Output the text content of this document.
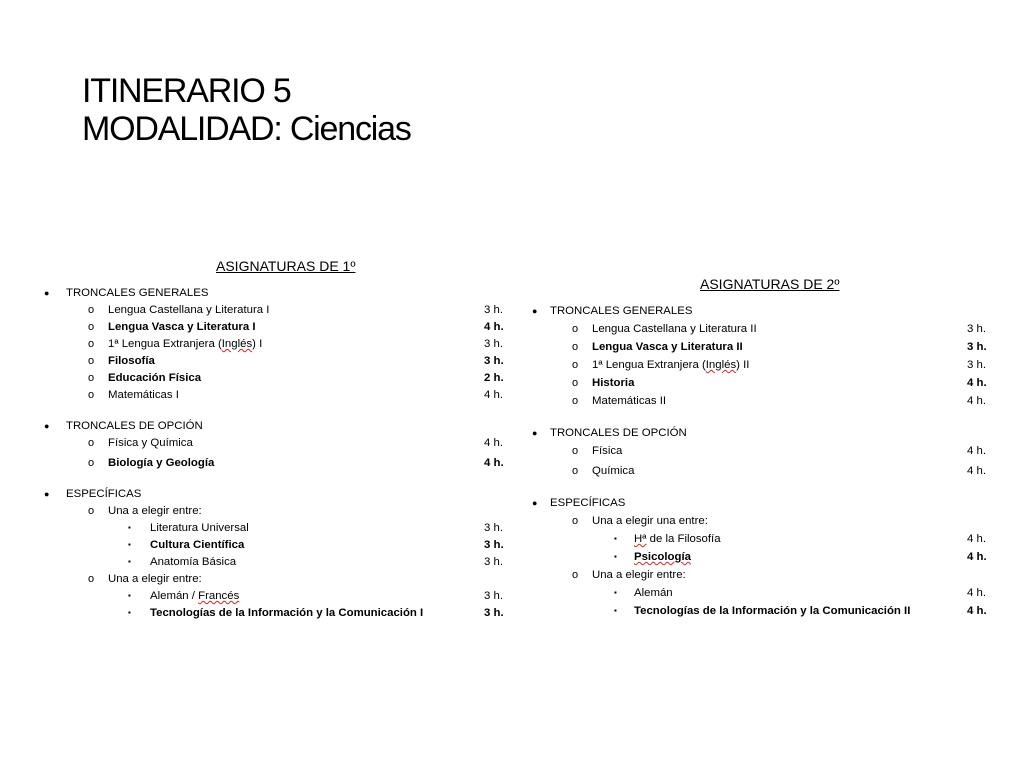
ITINERARIO 5
MODALIDAD: Ciencias
ASIGNATURAS DE 1º
● TRONCALES GENERALES
o Lengua Castellana y Literatura I	3 h.
o Lengua Vasca y Literatura I	4 h.
o 1ª Lengua Extranjera (Inglés) I	3 h.
o Filosofía	3 h.
o Educación Física	2 h.
o Matemáticas I	4 h.
● TRONCALES DE OPCIÓN
o Física y Química	4 h.
o Biología y Geología	4 h.
● ESPECÍFICAS
o Una a elegir entre:
▪ Literatura Universal	3 h.
▪ Cultura Científica	3 h.
▪ Anatomía Básica	3 h.
o Una a elegir entre:
▪ Alemán / Francés	3 h.
▪ Tecnologías de la Información y la Comunicación I	3 h.
ASIGNATURAS DE 2º
● TRONCALES GENERALES
o Lengua Castellana y Literatura II	3 h.
o Lengua Vasca y Literatura II	3 h.
o 1ª Lengua Extranjera (Inglés) II	3 h.
o Historia	4 h.
o Matemáticas II	4 h.
● TRONCALES DE OPCIÓN
o Física	4 h.
o Química	4 h.
● ESPECÍFICAS
o Una a elegir una entre:
▪ Hª de la Filosofía	4 h.
▪ Psicología	4 h.
o Una a elegir entre:
▪ Alemán	4 h.
▪ Tecnologías de la Información y la Comunicación II	4 h.
